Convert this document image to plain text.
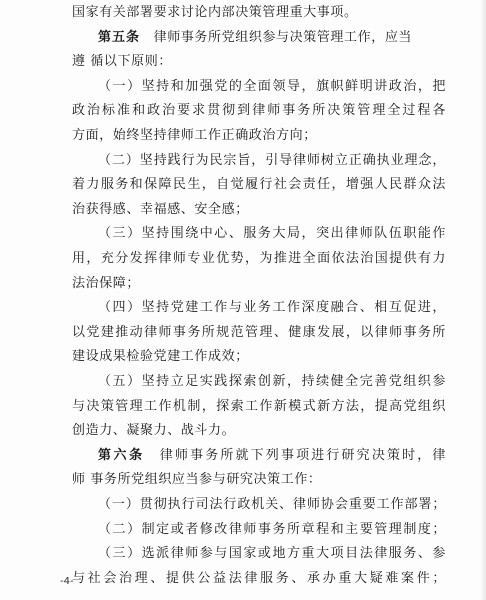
国家有关部署要求讨论内部决策管理重大事项。
第五条　 律师事务所党组织参与决策管理工作，应当
遵 循以下原则：
（一）坚持和加强党的全面领导，旗帜鲜明讲政治，把
政治标准和政治要求贯彻到律师事务所决策管理全过程各
方面，始终坚持律师工作正确政治方向；
（二）坚持践行为民宗旨，引导律师树立正确执业理念，
着力服务和保障民生，自觉履行社会责任，增强人民群众法
治获得感、幸福感、安全感；
（三）坚持围绕中心、服务大局，突出律师队伍职能作
用，充分发挥律师专业优势，为推进全面依法治国提供有力
法治保障；
（四）坚持党建工作与业务工作深度融合、相互促进，
以党建推动律师事务所规范管理、健康发展，以律师事务所
建设成果检验党建工作成效；
（五）坚持立足实践探索创新，持续健全完善党组织参
与决策管理工作机制，探索工作新模式新方法，提高党组织
创造力、凝聚力、战斗力。
第六条　 律师事务所就下列事项进行研究决策时，律
师 事务所党组织应当参与研究决策工作：
（一）贯彻执行司法行政机关、律师协会重要工作部署；
（二）制定或者修改律师事务所章程和主要管理制度；
（三）选派律师参与国家或地方重大项目法律服务、参
与社会治理、提供公益法律服务、承办重大疑难案件；
-4-
